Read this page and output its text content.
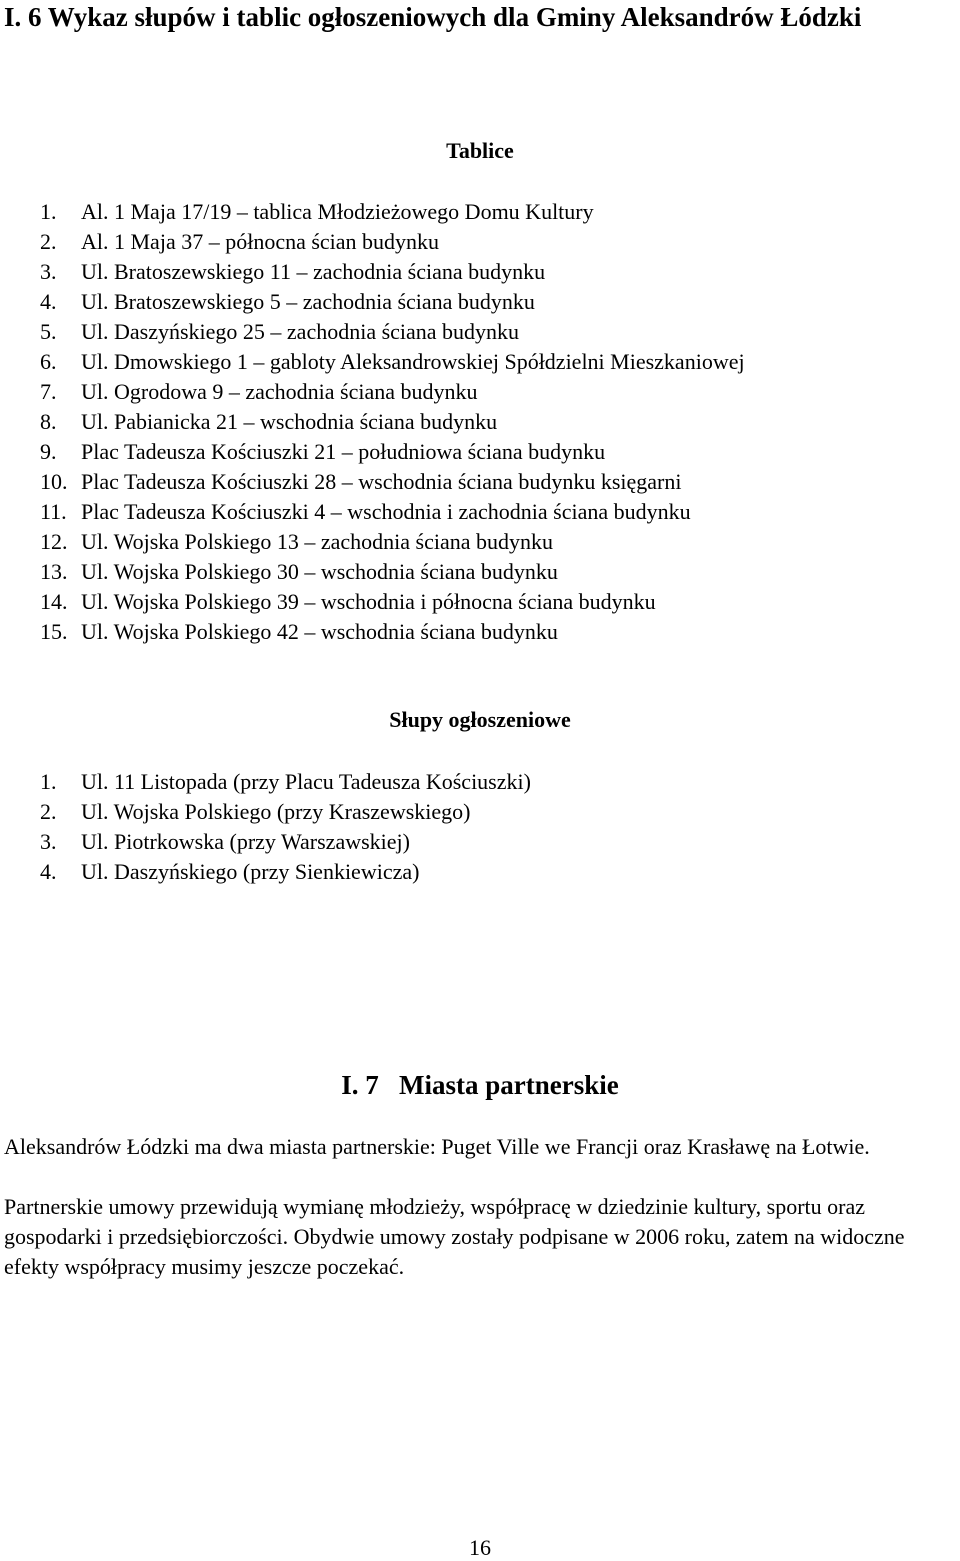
I. 6 Wykaz słupów i tablic ogłoszeniowych dla Gminy Aleksandrów Łódzki
Tablice
1. Al. 1 Maja 17/19 – tablica Młodzieżowego Domu Kultury
2. Al. 1 Maja 37 – północna ścian budynku
3. Ul. Bratoszewskiego 11 – zachodnia ściana budynku
4. Ul. Bratoszewskiego 5 – zachodnia ściana budynku
5. Ul. Daszyńskiego 25 – zachodnia ściana budynku
6. Ul. Dmowskiego 1 – gabloty Aleksandrowskiej Spółdzielni Mieszkaniowej
7. Ul. Ogrodowa 9 – zachodnia ściana budynku
8. Ul. Pabianicka 21 – wschodnia ściana budynku
9. Plac Tadeusza Kościuszki 21 – południowa ściana budynku
10. Plac Tadeusza Kościuszki 28 – wschodnia ściana budynku księgarni
11. Plac Tadeusza Kościuszki 4 – wschodnia i zachodnia ściana budynku
12. Ul. Wojska Polskiego 13 – zachodnia ściana budynku
13. Ul. Wojska Polskiego 30 – wschodnia ściana budynku
14. Ul. Wojska Polskiego 39 – wschodnia i północna ściana budynku
15. Ul. Wojska Polskiego 42 – wschodnia ściana budynku
Słupy ogłoszeniowe
1. Ul. 11 Listopada (przy Placu Tadeusza Kościuszki)
2. Ul. Wojska Polskiego (przy Kraszewskiego)
3. Ul. Piotrkowska (przy Warszawskiej)
4. Ul. Daszyńskiego (przy Sienkiewicza)
I. 7   Miasta partnerskie
Aleksandrów Łódzki ma dwa miasta partnerskie: Puget Ville we Francji oraz Krasławę na Łotwie.
Partnerskie umowy przewidują wymianę młodzieży, współpracę w dziedzinie kultury, sportu oraz gospodarki i przedsiębiorczości. Obydwie umowy zostały podpisane w 2006 roku, zatem na widoczne efekty współpracy musimy jeszcze poczekać.
16
